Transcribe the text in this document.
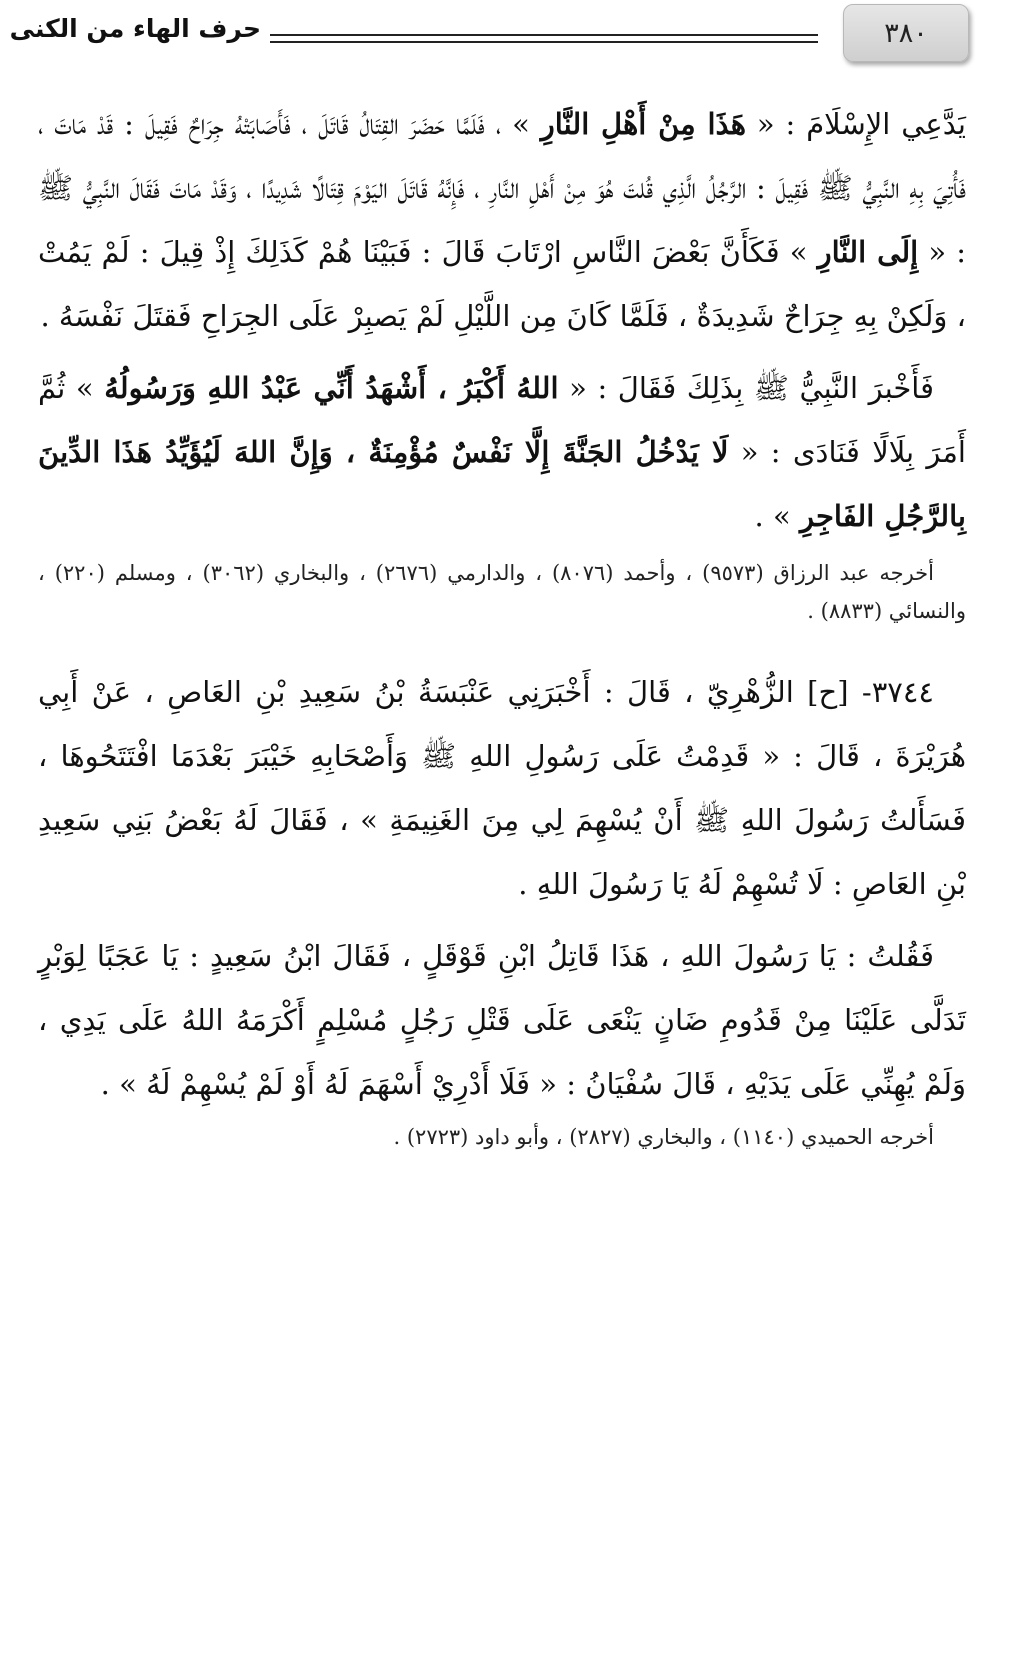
٣٨٠
حرف الهاء من الكنى

يَدَّعِي الإِسْلَامَ : « هَذَا مِنْ أَهْلِ النَّارِ » ، فَلَمَّا حَضَرَ القِتَالُ قَاتَلَ ، فَأَصَابَتْهُ جِرَاحٌ فَقِيلَ : قَدْ مَاتَ ، فَأُتِيَ بِهِ النَّبِيُّ ﷺ فَقِيلَ : الرَّجُلُ الَّذِي قُلتَ هُوَ مِنْ أَهْلِ النَّارِ ، فَإِنَّهُ قَاتَلَ اليَوْمَ قِتَالًا شَدِيدًا ، وَقَدْ مَاتَ فَقَالَ النَّبِيُّ ﷺ : « إِلَى النَّارِ » فَكَأَنَّ بَعْضَ النَّاسِ ارْتَابَ قَالَ : فَبَيْنَا هُمْ كَذَلِكَ إِذْ قِيلَ : لَمْ يَمُتْ ، وَلَكِنْ بِهِ جِرَاحٌ شَدِيدَةٌ ، فَلَمَّا كَانَ مِن اللَّيْلِ لَمْ يَصبِرْ عَلَى الجِرَاحِ فَقتَلَ نَفْسَهُ .

فَأَخْبرَ النَّبِيُّ ﷺ بِذَلِكَ فَقَالَ : « اللهُ أَكْبَرُ ، أَشْهَدُ أَنِّي عَبْدُ اللهِ وَرَسُولُهُ » ثُمَّ أَمَرَ بِلَالًا فَنَادَى : « لَا يَدْخُلُ الجَنَّةَ إِلَّا نَفْسٌ مُؤْمِنَةٌ ، وَإِنَّ اللهَ لَيُؤَيِّدُ هَذَا الدِّينَ بِالرَّجُلِ الفَاجِرِ » .

أخرجه عبد الرزاق (٩٥٧٣) ، وأحمد (٨٠٧٦) ، والدارمي (٢٦٧٦) ، والبخاري (٣٠٦٢) ، ومسلم (٢٢٠) ، والنسائي (٨٨٣٣) .

٣٧٤٤- [ح] الزُّهْرِيّ ، قَالَ : أَخْبَرَنِي عَنْبَسَةُ بْنُ سَعِيدِ بْنِ العَاصِ ، عَنْ أَبِي هُرَيْرَةَ ، قَالَ : « قَدِمْتُ عَلَى رَسُولِ اللهِ ﷺ وَأَصْحَابِهِ خَيْبَرَ بَعْدَمَا افْتَتَحُوهَا ، فَسَأَلتُ رَسُولَ اللهِ ﷺ أَنْ يُسْهِمَ لِي مِنَ الغَنِيمَةِ » ، فَقَالَ لَهُ بَعْضُ بَنِي سَعِيدِ بْنِ العَاصِ : لَا تُسْهِمْ لَهُ يَا رَسُولَ اللهِ .

فَقُلتُ : يَا رَسُولَ اللهِ ، هَذَا قَاتِلُ ابْنِ قَوْقَلٍ ، فَقَالَ ابْنُ سَعِيدٍ : يَا عَجَبًا لِوَبْرٍ تَدَلَّى عَلَيْنَا مِنْ قَدُومِ ضَانٍ يَنْعَى عَلَى قَتْلِ رَجُلٍ مُسْلِمٍ أَكْرَمَهُ اللهُ عَلَى يَدِي ، وَلَمْ يُهِنِّي عَلَى يَدَيْهِ ، قَالَ سُفْيَانُ : « فَلَا أَدْرِيْ أَسْهَمَ لَهُ أَوْ لَمْ يُسْهِمْ لَهُ » .

أخرجه الحميدي (١١٤٠) ، والبخاري (٢٨٢٧) ، وأبو داود (٢٧٢٣) .
